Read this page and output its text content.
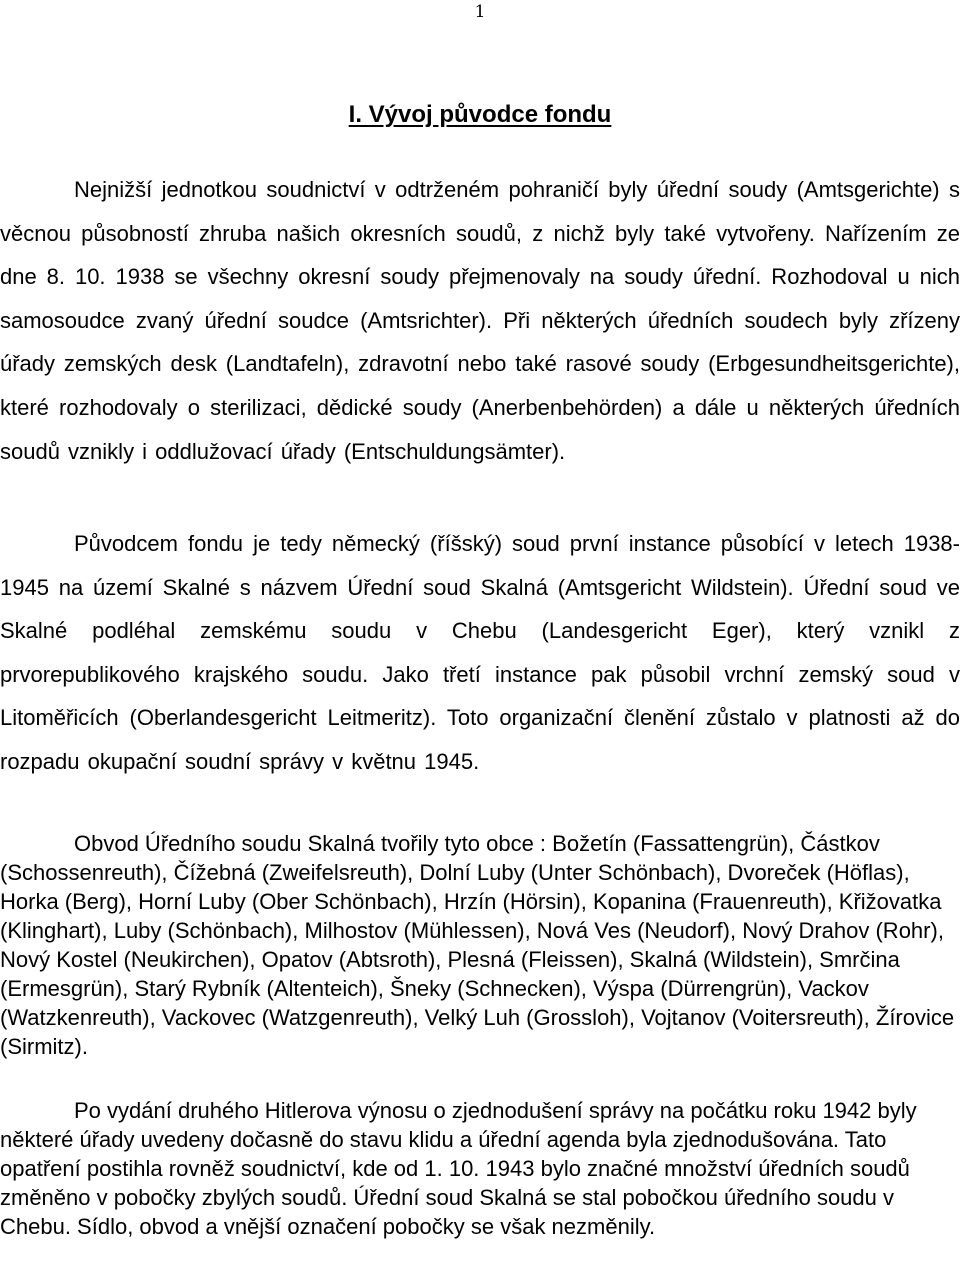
1
I. Vývoj původce fondu

Nejnižší jednotkou soudnictví v odtrženém pohraničí byly úřední soudy (Amtsgerichte) s věcnou působností zhruba našich okresních soudů, z nichž byly také vytvořeny. Nařízením ze dne 8. 10. 1938 se všechny okresní soudy přejmenovaly na soudy úřední. Rozhodoval u nich samosoudce zvaný úřední soudce (Amtsrichter). Při některých úředních soudech byly zřízeny úřady zemských desk (Landtafeln), zdravotní nebo také rasové soudy (Erbgesundheitsgerichte), které rozhodovaly o sterilizaci, dědické soudy (Anerbenbehörden) a dále u některých úředních soudů vznikly i oddlužovací úřady (Entschuldungsämter).

Původcem fondu je tedy německý (říšský) soud první instance působící v letech 1938-1945 na území Skalné s názvem Úřední soud Skalná (Amtsgericht Wildstein). Úřední soud ve Skalné podléhal zemskému soudu v Chebu (Landesgericht Eger), který vznikl z prvorepublikového krajského soudu. Jako třetí instance pak působil vrchní zemský soud v Litoměřicích (Oberlandesgericht Leitmeritz). Toto organizační členění zůstalo v platnosti až do rozpadu okupační soudní správy v květnu 1945.

Obvod Úředního soudu Skalná tvořily tyto obce : Božetín (Fassattengrün), Částkov (Schossenreuth), Čížebná (Zweifelsreuth), Dolní Luby (Unter Schönbach), Dvoreček (Höflas), Horka (Berg), Horní Luby (Ober Schönbach), Hrzín (Hörsin), Kopanina (Frauenreuth), Křižovatka (Klinghart), Luby (Schönbach), Milhostov (Mühlessen), Nová Ves (Neudorf), Nový Drahov (Rohr), Nový Kostel (Neukirchen), Opatov (Abtsroth), Plesná (Fleissen), Skalná (Wildstein), Smrčina (Ermesgrün), Starý Rybník (Altenteich), Šneky (Schnecken), Výspa (Dürrengrün), Vackov (Watzkenreuth), Vackovec (Watzgenreuth), Velký Luh (Grossloh), Vojtanov (Voitersreuth), Žírovice (Sirmitz).

Po vydání druhého Hitlerova výnosu o zjednodušení správy na počátku roku 1942 byly některé úřady uvedeny dočasně do stavu klidu a úřední agenda byla zjednodušována. Tato opatření postihla rovněž soudnictví, kde od 1. 10. 1943 bylo značné množství úředních soudů změněno v pobočky zbylých soudů. Úřední soud Skalná se stal pobočkou úředního soudu v Chebu. Sídlo, obvod a vnější označení pobočky se však nezměnily.
